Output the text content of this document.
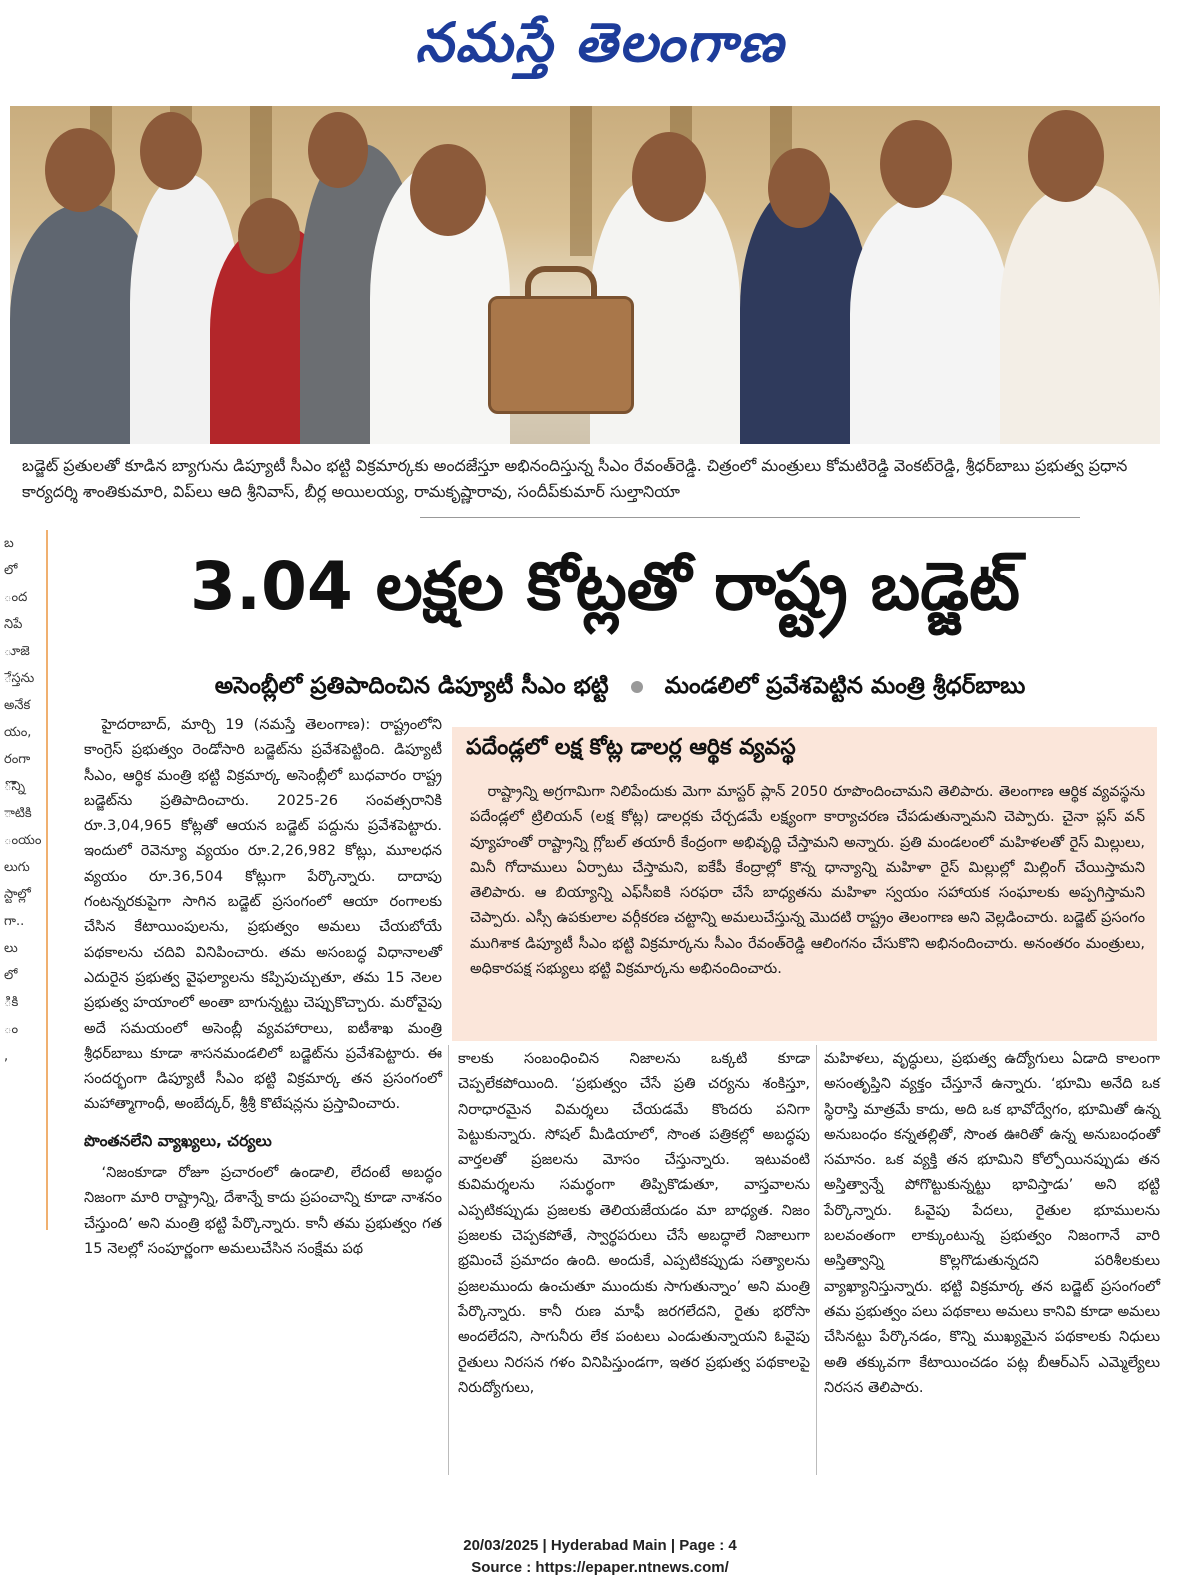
నమస్తే తెలంగాణ
బడ్జెట్ ప్రతులతో కూడిన బ్యాగును డిప్యూటీ సీఎం భట్టి విక్రమార్కకు అందజేస్తూ అభినందిస్తున్న సీఎం రేవంత్‌రెడ్డి. చిత్రంలో మంత్రులు కోమటిరెడ్డి వెంకట్‌రెడ్డి, శ్రీధర్‌బాబు ప్రభుత్వ ప్రధాన కార్యదర్శి శాంతికుమారి, విప్‌లు ఆది శ్రీనివాస్, బీర్ల అయిలయ్య, రామకృష్ణారావు, సందీప్‌కుమార్ సుల్తానియా
3.04 లక్షల కోట్లతో రాష్ట్ర బడ్జెట్
అసెంబ్లీలో ప్రతిపాదించిన డిప్యూటీ సీఎం భట్టి మండలిలో ప్రవేశపెట్టిన మంత్రి శ్రీధర్‌బాబు
బ
లో
ంద
నిపే
ూజె
ేస్తను
అనేక
యం,
రంగా
ొన్ని
ాటికి
ంయం
లుగు
స్టాల్లో
గా..
లు
లో
ికి
ం
,

హైదరాబాద్, మార్చి 19 (నమస్తే తెలంగాణ): రాష్ట్రంలోని కాంగ్రెస్ ప్రభుత్వం రెండోసారి బడ్జెట్‌ను ప్రవేశపెట్టింది. డిప్యూటీ సీఎం, ఆర్థిక మంత్రి భట్టి విక్రమార్క అసెంబ్లీలో బుధవారం రాష్ట్ర బడ్జెట్‌ను ప్రతిపాదించారు. 2025-26 సంవత్సరానికి రూ.3,04,965 కోట్లతో ఆయన బడ్జెట్ పద్దును ప్రవేశపెట్టారు. ఇందులో రెవెన్యూ వ్యయం రూ.2,26,982 కోట్లు, మూలధన వ్యయం రూ.36,504 కోట్లుగా పేర్కొన్నారు. దాదాపు గంటన్నరకుపైగా సాగిన బడ్జెట్ ప్రసంగంలో ఆయా రంగాలకు చేసిన కేటాయింపులను, ప్రభుత్వం అమలు చేయబోయే పథకాలను చదివి వినిపించారు. తమ అసంబద్ధ విధానాలతో ఎదురైన ప్రభుత్వ వైఫల్యాలను కప్పిపుచ్చుతూ, తమ 15 నెలల ప్రభుత్వ హయాంలో అంతా బాగున్నట్టు చెప్పుకొచ్చారు. మరోవైపు అదే సమయంలో అసెంబ్లీ వ్యవహారాలు, ఐటీశాఖ మంత్రి శ్రీధర్‌బాబు కూడా శాసనమండలిలో బడ్జెట్‌ను ప్రవేశపెట్టారు. ఈ సందర్భంగా డిప్యూటీ సీఎం భట్టి విక్రమార్క తన ప్రసంగంలో మహాత్మాగాంధీ, అంబేద్కర్, శ్రీశ్రీ కొటేషన్లను ప్రస్తావించారు.

పొంతనలేని వ్యాఖ్యలు, చర్యలు

‘నిజంకూడా రోజూ ప్రచారంలో ఉండాలి, లేదంటే అబద్ధం నిజంగా మారి రాష్ట్రాన్ని, దేశాన్నే కాదు ప్రపంచాన్ని కూడా నాశనం చేస్తుంది’ అని మంత్రి భట్టి పేర్కొన్నారు. కానీ తమ ప్రభుత్వం గత 15 నెలల్లో సంపూర్ణంగా అమలుచేసిన సంక్షేమ పథ

పదేండ్లలో లక్ష కోట్ల డాలర్ల ఆర్థిక వ్యవస్థ

రాష్ట్రాన్ని అగ్రగామిగా నిలిపేందుకు మెగా మాస్టర్ ప్లాన్ 2050 రూపొందించామని తెలిపారు. తెలంగాణ ఆర్థిక వ్యవస్థను పదేండ్లలో ట్రిలియన్ (లక్ష కోట్ల) డాలర్లకు చేర్చడమే లక్ష్యంగా కార్యాచరణ చేపడుతున్నామని చెప్పారు. చైనా ప్లస్ వన్ వ్యూహంతో రాష్ట్రాన్ని గ్లోబల్ తయారీ కేంద్రంగా అభివృద్ధి చేస్తామని అన్నారు. ప్రతి మండలంలో మహిళలతో రైస్ మిల్లులు, మినీ గోదాములు ఏర్పాటు చేస్తామని, ఐకేపీ కేంద్రాల్లో కొన్న ధాన్యాన్ని మహిళా రైస్ మిల్లుల్లో మిల్లింగ్ చేయిస్తామని తెలిపారు. ఆ బియ్యాన్ని ఎఫ్‌సీఐకి సరఫరా చేసే బాధ్యతను మహిళా స్వయం సహాయక సంఘాలకు అప్పగిస్తామని చెప్పారు. ఎస్సీ ఉపకులాల వర్గీకరణ చట్టాన్ని అమలుచేస్తున్న మొదటి రాష్ట్రం తెలంగాణ అని వెల్లడించారు. బడ్జెట్ ప్రసంగం ముగిశాక డిప్యూటీ సీఎం భట్టి విక్రమార్కను సీఎం రేవంత్‌రెడ్డి ఆలింగనం చేసుకొని అభినందించారు. అనంతరం మంత్రులు, అధికారపక్ష సభ్యులు భట్టి విక్రమార్కను అభినందించారు.

కాలకు సంబంధించిన నిజాలను ఒక్కటి కూడా చెప్పలేకపోయింది. ‘ప్రభుత్వం చేసే ప్రతి చర్యను శంకిస్తూ, నిరాధారమైన విమర్శలు చేయడమే కొందరు పనిగా పెట్టుకున్నారు. సోషల్ మీడియాలో, సొంత పత్రికల్లో అబద్ధపు వార్తలతో ప్రజలను మోసం చేస్తున్నారు. ఇటువంటి కువిమర్శలను సమర్థంగా తిప్పికొడుతూ, వాస్తవాలను ఎప్పటికప్పుడు ప్రజలకు తెలియజేయడం మా బాధ్యత. నిజం ప్రజలకు చెప్పకపోతే, స్వార్థపరులు చేసే అబద్ధాలే నిజాలుగా భ్రమించే ప్రమాదం ఉంది. అందుకే, ఎప్పటికప్పుడు సత్యాలను ప్రజలముందు ఉంచుతూ ముందుకు సాగుతున్నాం’ అని మంత్రి పేర్కొన్నారు. కానీ రుణ మాఫీ జరగలేదని, రైతు భరోసా అందలేదని, సాగునీరు లేక పంటలు ఎండుతున్నాయని ఓవైపు రైతులు నిరసన గళం వినిపిస్తుండగా, ఇతర ప్రభుత్వ పథకాలపై నిరుద్యోగులు,

మహిళలు, వృద్ధులు, ప్రభుత్వ ఉద్యోగులు ఏడాది కాలంగా అసంతృప్తిని వ్యక్తం చేస్తూనే ఉన్నారు. ‘భూమి అనేది ఒక స్థిరాస్తి మాత్రమే కాదు, అది ఒక భావోద్వేగం, భూమితో ఉన్న అనుబంధం కన్నతల్లితో, సొంత ఊరితో ఉన్న అనుబంధంతో సమానం. ఒక వ్యక్తి తన భూమిని కోల్పోయినప్పుడు తన అస్తిత్వాన్నే పోగొట్టుకున్నట్టు భావిస్తాడు’ అని భట్టి పేర్కొన్నారు. ఓవైపు పేదలు, రైతుల భూములను బలవంతంగా లాక్కుంటున్న ప్రభుత్వం నిజంగానే వారి అస్తిత్వాన్ని కొల్లగొడుతున్నదని పరిశీలకులు వ్యాఖ్యానిస్తున్నారు. భట్టి విక్రమార్క తన బడ్జెట్ ప్రసంగంలో తమ ప్రభుత్వం పలు పథకాలు అమలు కానివి కూడా అమలు చేసినట్టు పేర్కొనడం, కొన్ని ముఖ్యమైన పథకాలకు నిధులు అతి తక్కువగా కేటాయించడం పట్ల బీఆర్‌ఎస్ ఎమ్మెల్యేలు నిరసన తెలిపారు.

20/03/2025 | Hyderabad Main | Page : 4
Source : https://epaper.ntnews.com/
